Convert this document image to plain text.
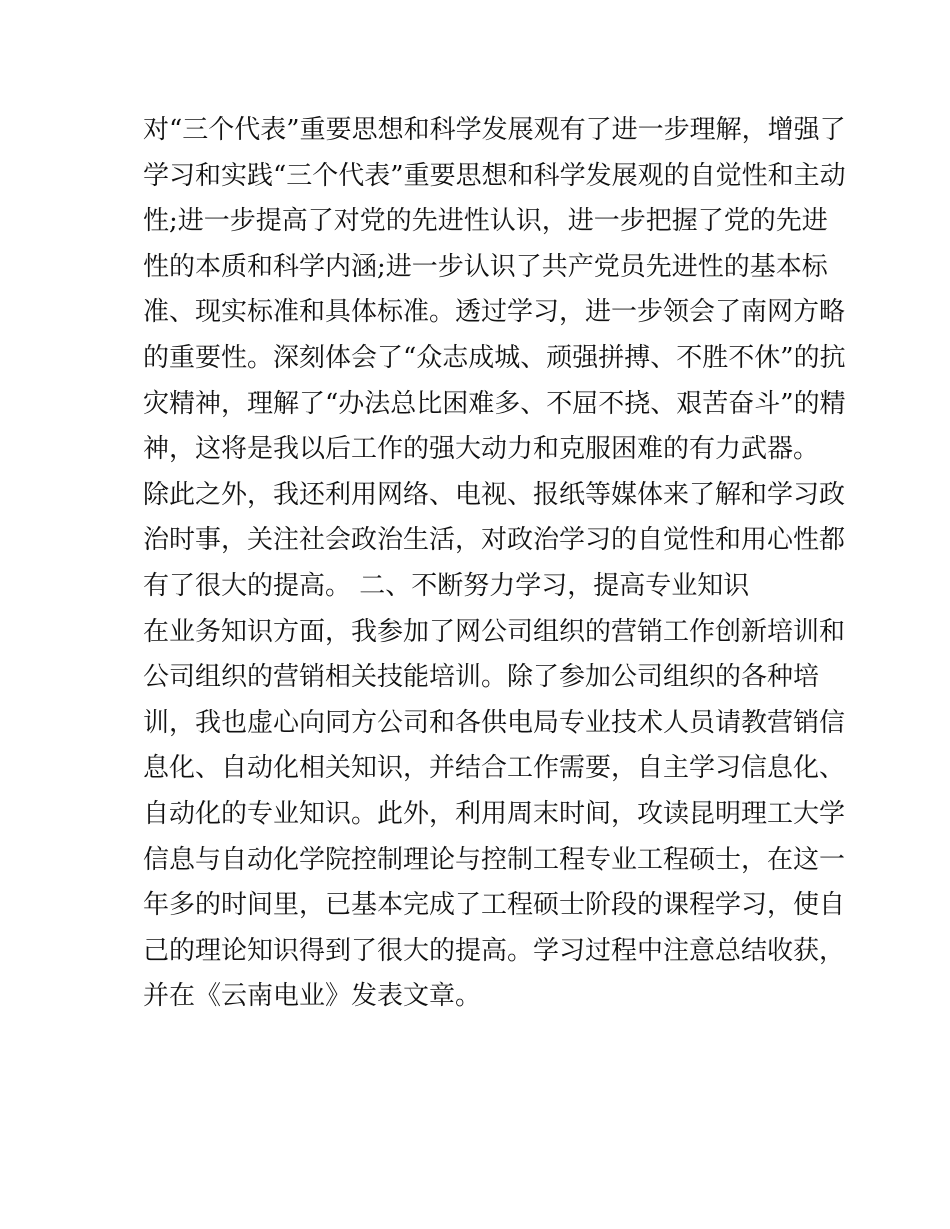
对“三个代表”重要思想和科学发展观有了进一步理解，增强了
学习和实践“三个代表”重要思想和科学发展观的自觉性和主动
性;进一步提高了对党的先进性认识，进一步把握了党的先进
性的本质和科学内涵;进一步认识了共产党员先进性的基本标
准、现实标准和具体标准。透过学习，进一步领会了南网方略
的重要性。深刻体会了“众志成城、顽强拼搏、不胜不休”的抗
灾精神，理解了“办法总比困难多、不屈不挠、艰苦奋斗”的精
神，这将是我以后工作的强大动力和克服困难的有力武器。
除此之外，我还利用网络、电视、报纸等媒体来了解和学习政
治时事，关注社会政治生活，对政治学习的自觉性和用心性都
有了很大的提高。 二、不断努力学习，提高专业知识
在业务知识方面，我参加了网公司组织的营销工作创新培训和
公司组织的营销相关技能培训。除了参加公司组织的各种培
训，我也虚心向同方公司和各供电局专业技术人员请教营销信
息化、自动化相关知识，并结合工作需要，自主学习信息化、
自动化的专业知识。此外，利用周末时间，攻读昆明理工大学
信息与自动化学院控制理论与控制工程专业工程硕士，在这一
年多的时间里，已基本完成了工程硕士阶段的课程学习，使自
己的理论知识得到了很大的提高。学习过程中注意总结收获，
并在《云南电业》发表文章。
